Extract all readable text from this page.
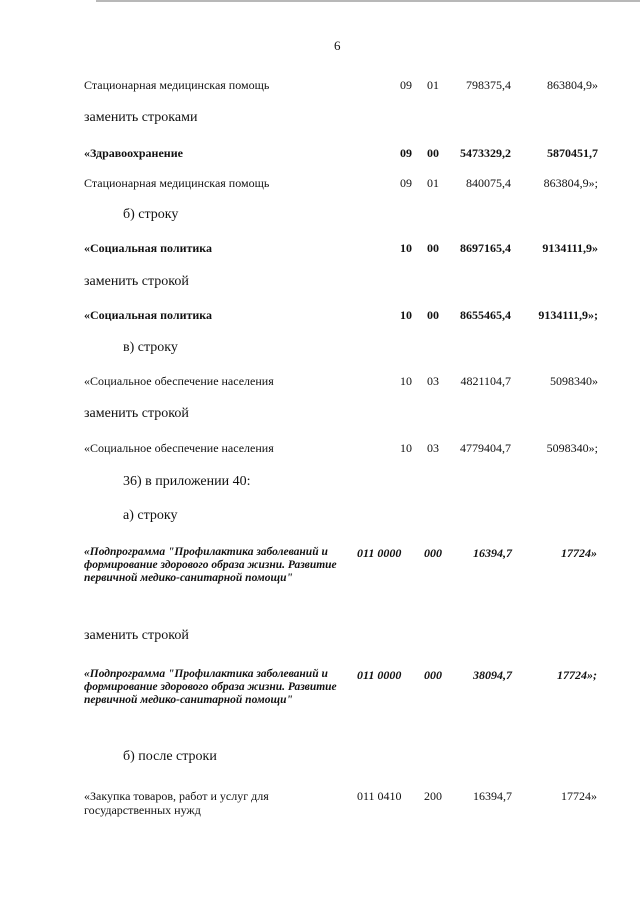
6
Стационарная медицинская помощь	09 01 798375,4	863804,9»
заменить строками
«Здравоохранение	09 00 5473329,2	5870451,7
Стационарная медицинская помощь	09 01 840075,4	863804,9»;
б) строку
«Социальная политика	10 00 8697165,4	9134111,9»
заменить строкой
«Социальная политика	10 00 8655465,4 9134111,9»;
в) строку
«Социальное обеспечение населения	10 03 4821104,7	5098340»
заменить строкой
«Социальное обеспечение населения	10 03 4779404,7	5098340»;
36) в приложении 40:
а) строку
«Подпрограмма "Профилактика заболеваний и формирование здорового образа жизни. Развитие первичной медико-санитарной помощи"
011 0000 000	16394,7	17724»
заменить строкой
«Подпрограмма "Профилактика заболеваний и формирование здорового образа жизни. Развитие первичной медико-санитарной помощи"
011 0000 000	38094,7	17724»;
б) после строки
«Закупка товаров, работ и услуг для государственных нужд
011 0410 200	16394,7	17724»
